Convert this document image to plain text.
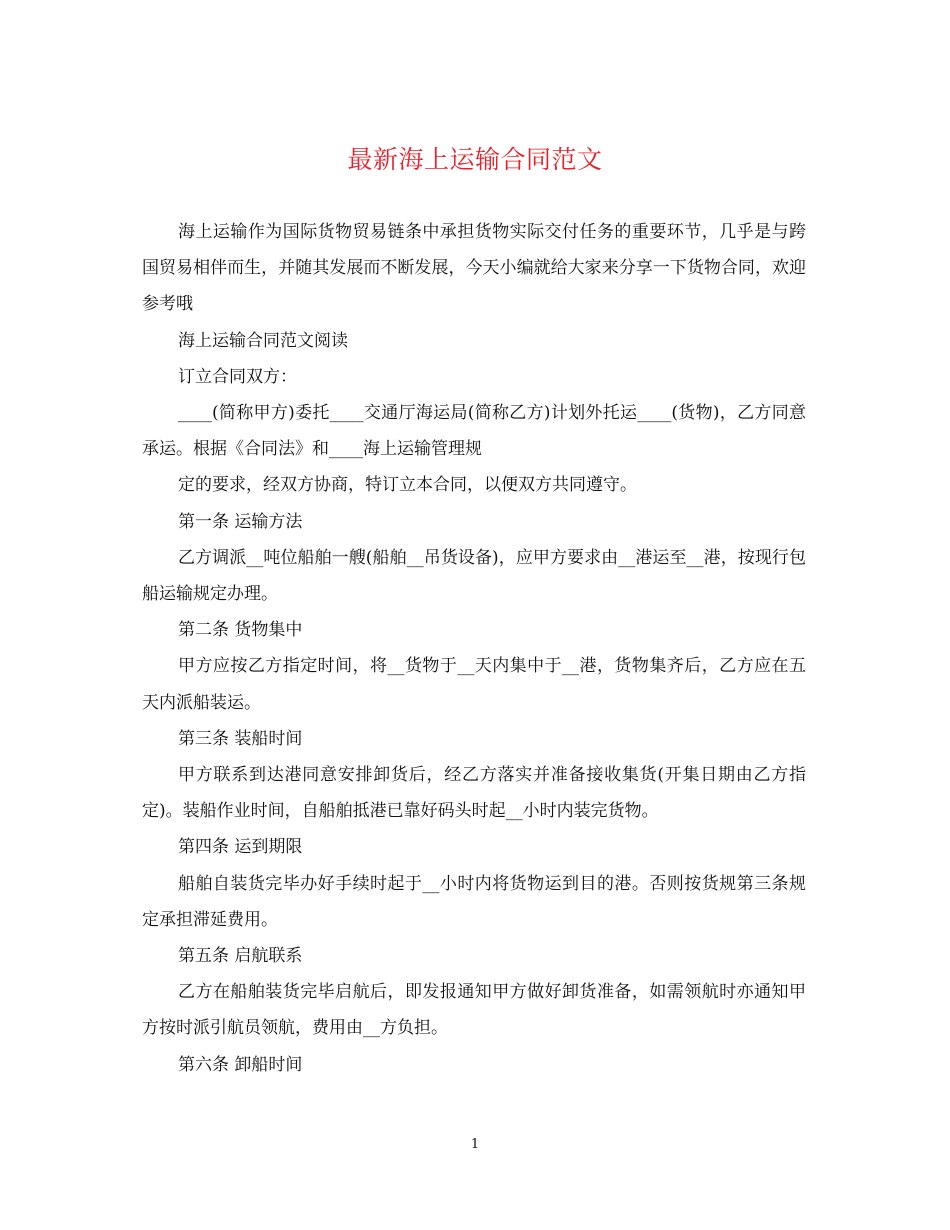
最新海上运输合同范文

海上运输作为国际货物贸易链条中承担货物实际交付任务的重要环节，几乎是与跨国贸易相伴而生，并随其发展而不断发展，今天小编就给大家来分享一下货物合同，欢迎参考哦

海上运输合同范文阅读

订立合同双方：

____(简称甲方)委托____交通厅海运局(简称乙方)计划外托运____(货物)，乙方同意承运。根据《合同法》和____海上运输管理规

定的要求，经双方协商，特订立本合同，以便双方共同遵守。

第一条 运输方法

乙方调派__吨位船舶一艘(船舶__吊货设备)，应甲方要求由__港运至__港，按现行包船运输规定办理。

第二条 货物集中

甲方应按乙方指定时间，将__货物于__天内集中于__港，货物集齐后，乙方应在五天内派船装运。

第三条 装船时间

甲方联系到达港同意安排卸货后，经乙方落实并准备接收集货(开集日期由乙方指定)。装船作业时间，自船舶抵港已靠好码头时起__小时内装完货物。

第四条 运到期限

船舶自装货完毕办好手续时起于__小时内将货物运到目的港。否则按货规第三条规定承担滞延费用。

第五条 启航联系

乙方在船舶装货完毕启航后，即发报通知甲方做好卸货准备，如需领航时亦通知甲方按时派引航员领航，费用由__方负担。

第六条 卸船时间

1
